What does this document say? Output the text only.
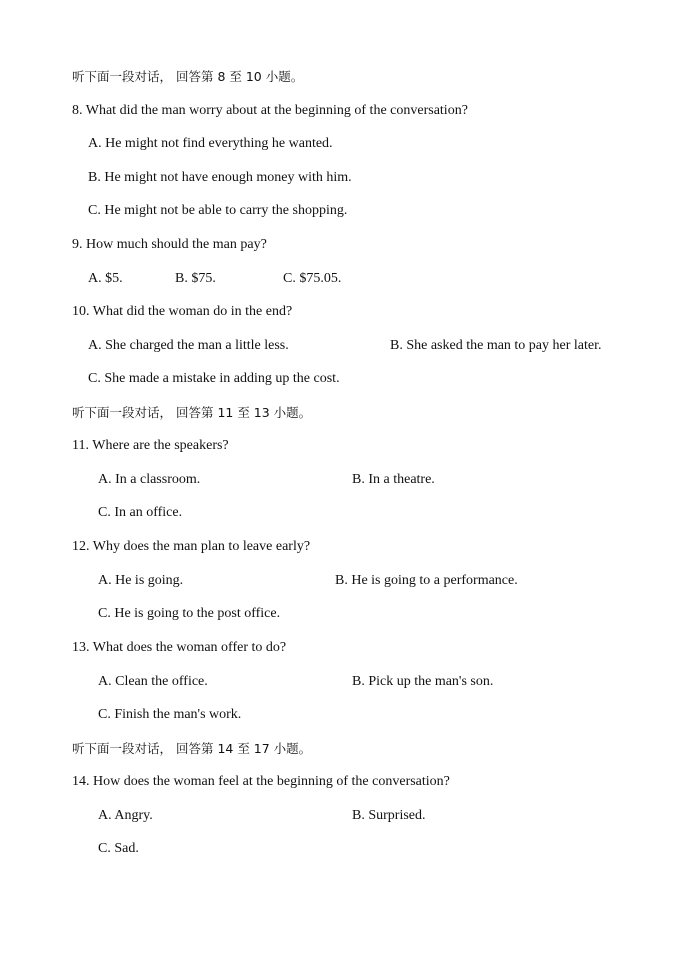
听下面一段对话， 回答第 8 至 10 小题。
8. What did the man worry about at the beginning of the conversation?
A. He might not find everything he wanted.
B. He might not have enough money with him.
C. He might not be able to carry the shopping.
9. How much should the man pay?
A. $5.	B. $75.	C. $75.05.
10. What did the woman do in the end?
A. She charged the man a little less.	B. She asked the man to pay her later.
C. She made a mistake in adding up the cost.
听下面一段对话， 回答第 11 至 13 小题。
11. Where are the speakers?
A. In a classroom.	B. In a theatre.
C. In an office.
12. Why does the man plan to leave early?
A. He is going.	B. He is going to a performance.
C. He is going to the post office.
13. What does the woman offer to do?
A. Clean the office.	B. Pick up the man's son.
C. Finish the man's work.
听下面一段对话， 回答第 14 至 17 小题。
14. How does the woman feel at the beginning of the conversation?
A. Angry.	B. Surprised.
C. Sad.
